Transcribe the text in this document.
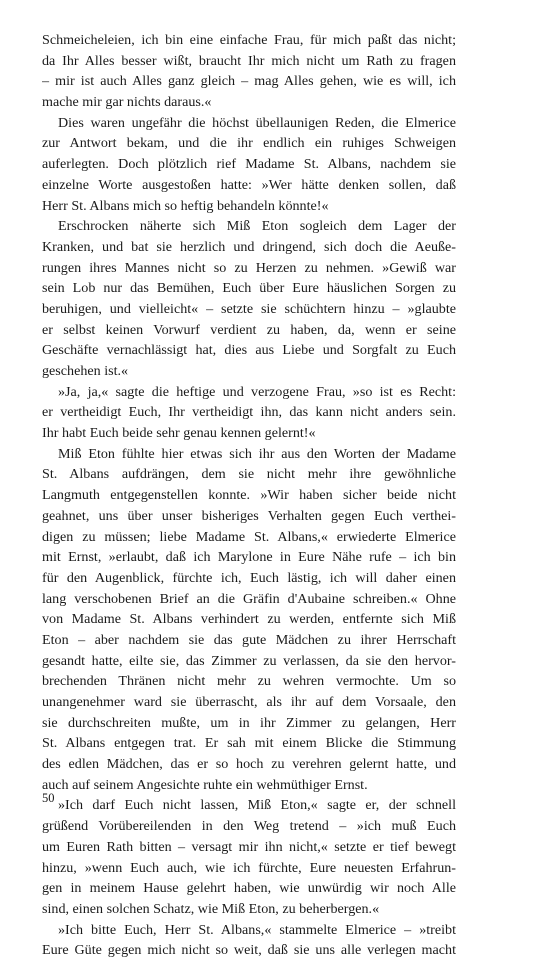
Schmeicheleien, ich bin eine einfache Frau, für mich paßt das nicht;
da Ihr Alles besser wißt, braucht Ihr mich nicht um Rath zu fragen
– mir ist auch Alles ganz gleich – mag Alles gehen, wie es will, ich
mache mir gar nichts daraus.«
Dies waren ungefähr die höchst übellaunigen Reden, die Elmerice
zur Antwort bekam, und die ihr endlich ein ruhiges Schweigen
auferlegten. Doch plötzlich rief Madame St. Albans, nachdem sie
einzelne Worte ausgestoßen hatte: »Wer hätte denken sollen, daß
Herr St. Albans mich so heftig behandeln könnte!«
Erschrocken näherte sich Miß Eton sogleich dem Lager der
Kranken, und bat sie herzlich und dringend, sich doch die Aeuße-
rungen ihres Mannes nicht so zu Herzen zu nehmen. »Gewiß war
sein Lob nur das Bemühen, Euch über Eure häuslichen Sorgen zu
beruhigen, und vielleicht« – setzte sie schüchtern hinzu – »glaubte
er selbst keinen Vorwurf verdient zu haben, da, wenn er seine
Geschäfte vernachlässigt hat, dies aus Liebe und Sorgfalt zu Euch
geschehen ist.«
»Ja, ja,« sagte die heftige und verzogene Frau, »so ist es Recht:
er vertheidigt Euch, Ihr vertheidigt ihn, das kann nicht anders sein.
Ihr habt Euch beide sehr genau kennen gelernt!«
Miß Eton fühlte hier etwas sich ihr aus den Worten der Madame
St. Albans aufdrängen, dem sie nicht mehr ihre gewöhnliche
Langmuth entgegenstellen konnte. »Wir haben sicher beide nicht
geahnet, uns über unser bisheriges Verhalten gegen Euch verthei-
digen zu müssen; liebe Madame St. Albans,« erwiederte Elmerice
mit Ernst, »erlaubt, daß ich Marylone in Eure Nähe rufe – ich bin
für den Augenblick, fürchte ich, Euch lästig, ich will daher einen
lang verschobenen Brief an die Gräfin d'Aubaine schreiben.« Ohne
von Madame St. Albans verhindert zu werden, entfernte sich Miß
Eton – aber nachdem sie das gute Mädchen zu ihrer Herrschaft
gesandt hatte, eilte sie, das Zimmer zu verlassen, da sie den hervor-
brechenden Thränen nicht mehr zu wehren vermochte. Um so
unangenehmer ward sie überrascht, als ihr auf dem Vorsaale, den
sie durchschreiten mußte, um in ihr Zimmer zu gelangen, Herr
St. Albans entgegen trat. Er sah mit einem Blicke die Stimmung
des edlen Mädchen, das er so hoch zu verehren gelernt hatte, und
auch auf seinem Angesichte ruhte ein wehmüthiger Ernst.
»Ich darf Euch nicht lassen, Miß Eton,« sagte er, der schnell
grüßend Vorübereilenden in den Weg tretend – »ich muß Euch
um Euren Rath bitten – versagt mir ihn nicht,« setzte er tief bewegt
hinzu, »wenn Euch auch, wie ich fürchte, Eure neuesten Erfahrun-
gen in meinem Hause gelehrt haben, wie unwürdig wir noch Alle
sind, einen solchen Schatz, wie Miß Eton, zu beherbergen.«
»Ich bitte Euch, Herr St. Albans,« stammelte Elmerice – »treibt
Eure Güte gegen mich nicht so weit, daß sie uns alle verlegen macht
50
